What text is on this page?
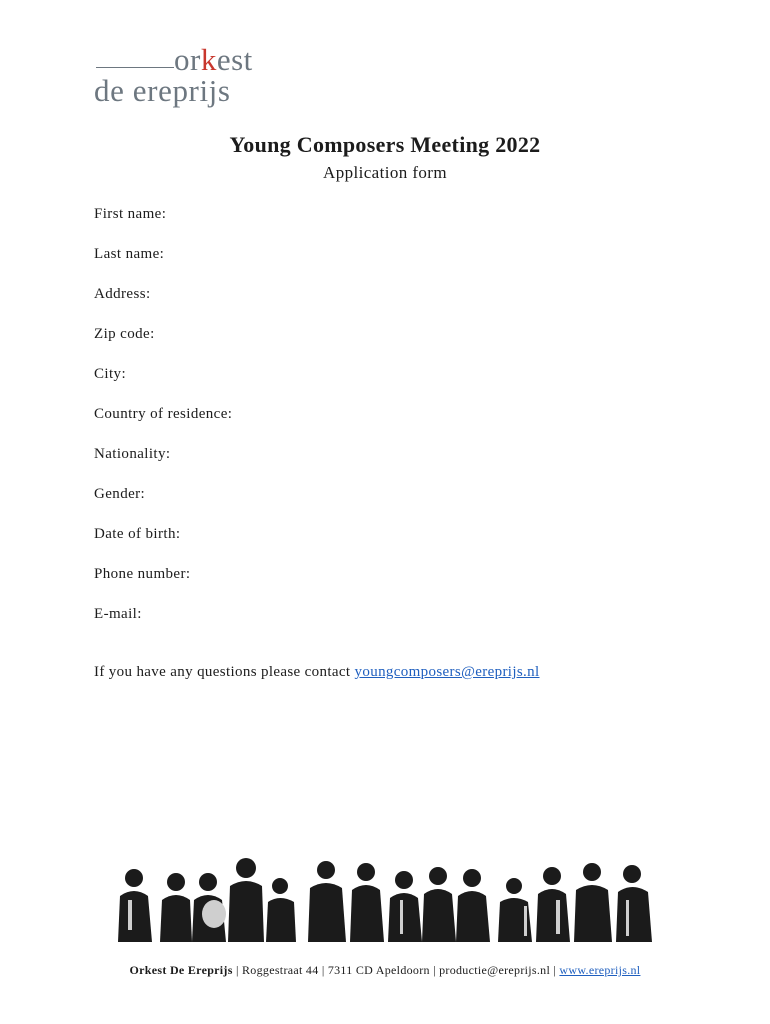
orkest
de ereprijs
Young Composers Meeting 2022
Application form
First name:
Last name:
Address:
Zip code:
City:
Country of residence:
Nationality:
Gender:
Date of birth:
Phone number:
E-mail:
If you have any questions please contact youngcomposers@ereprijs.nl
Orkest De Ereprijs | Roggestraat 44 | 7311 CD Apeldoorn | productie@ereprijs.nl | www.ereprijs.nl
